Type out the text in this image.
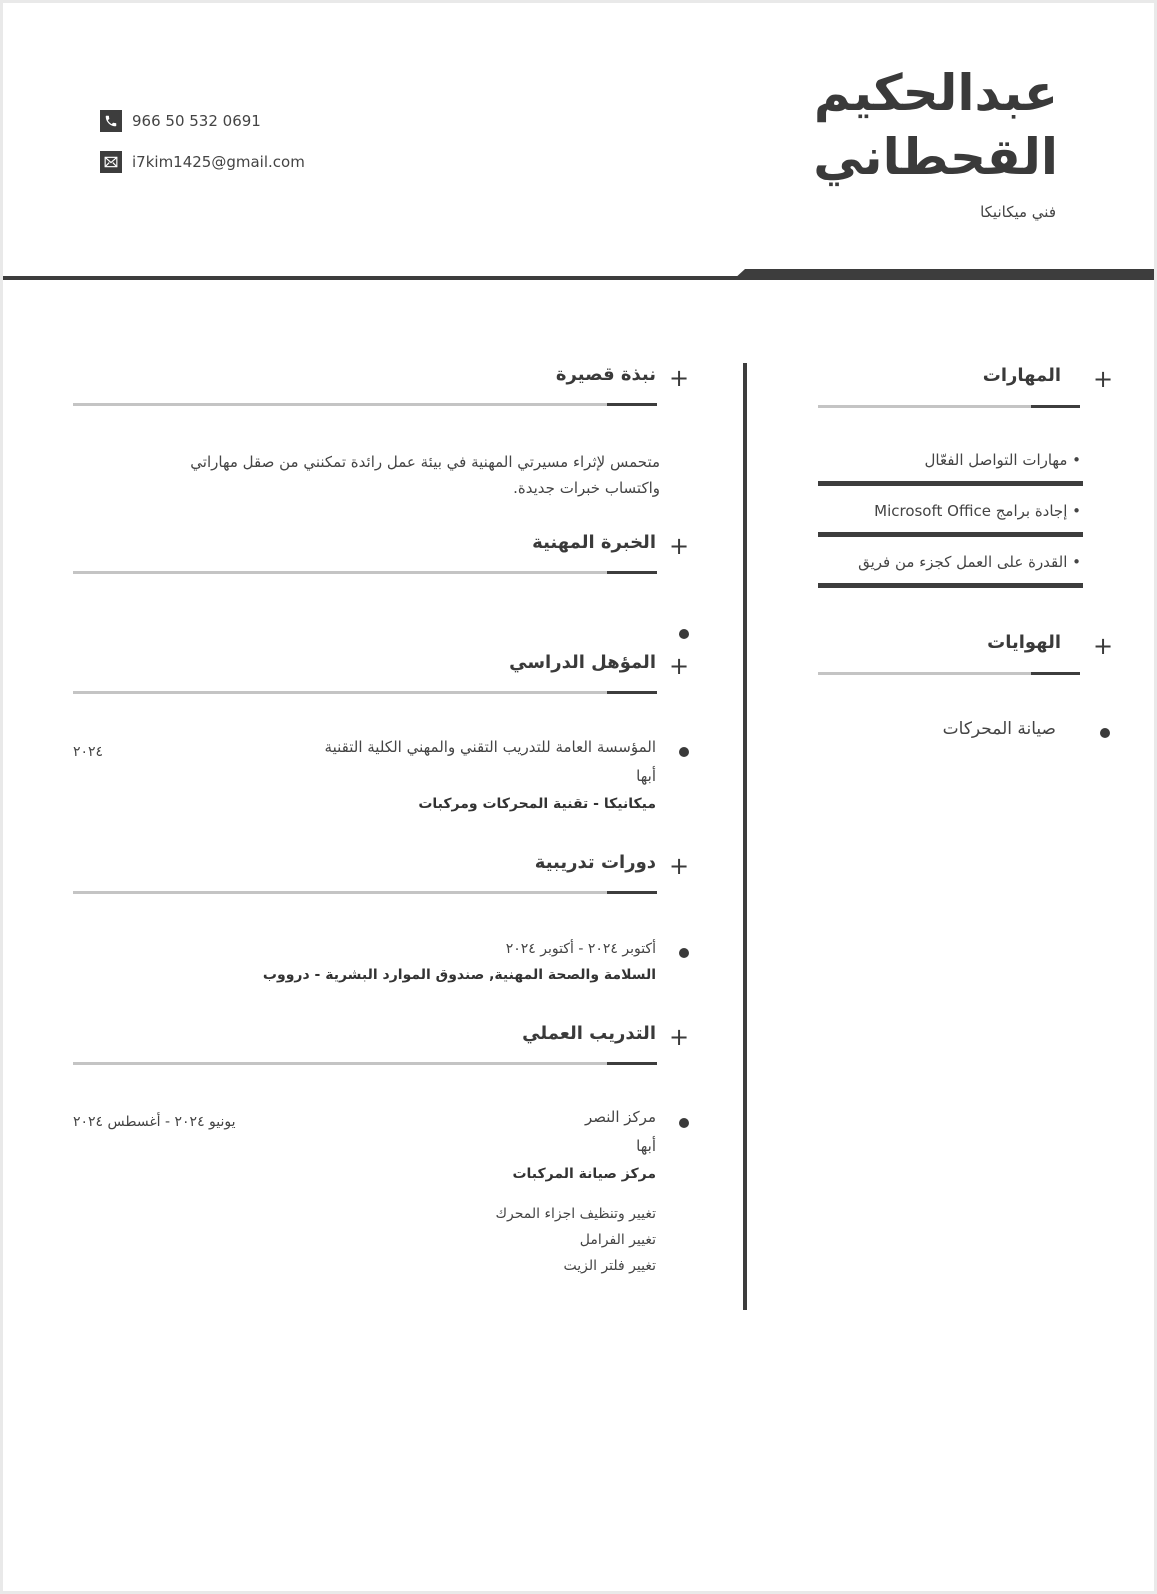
عبدالحكيم
القحطاني
فني ميكانيكا
966 50 532 0691
i7kim1425@gmail.com
+
المهارات
• مهارات التواصل الفعّال
• إجادة برامج Microsoft Office
• القدرة على العمل كجزء من فريق
+
الهوايات
صيانة المحركات
+
نبذة قصيرة
متحمس لإثراء مسيرتي المهنية في بيئة عمل رائدة تمكنني من صقل مهاراتي
واكتساب خبرات جديدة.
+
الخبرة المهنية
+
المؤهل الدراسي
المؤسسة العامة للتدريب التقني والمهني الكلية التقنية
٢٠٢٤
أبها
ميكانيكا - تقنية المحركات ومركبات
+
دورات تدريبية
أكتوبر ٢٠٢٤ - أكتوبر ٢٠٢٤
السلامة والصحة المهنية, صندوق الموارد البشرية - درووب
+
التدريب العملي
مركز النصر
يونيو ٢٠٢٤ - أغسطس ٢٠٢٤
أبها
مركز صيانة المركبات
تغيير وتنظيف اجزاء المحرك
تغيير الفرامل
تغيير فلتر الزيت
